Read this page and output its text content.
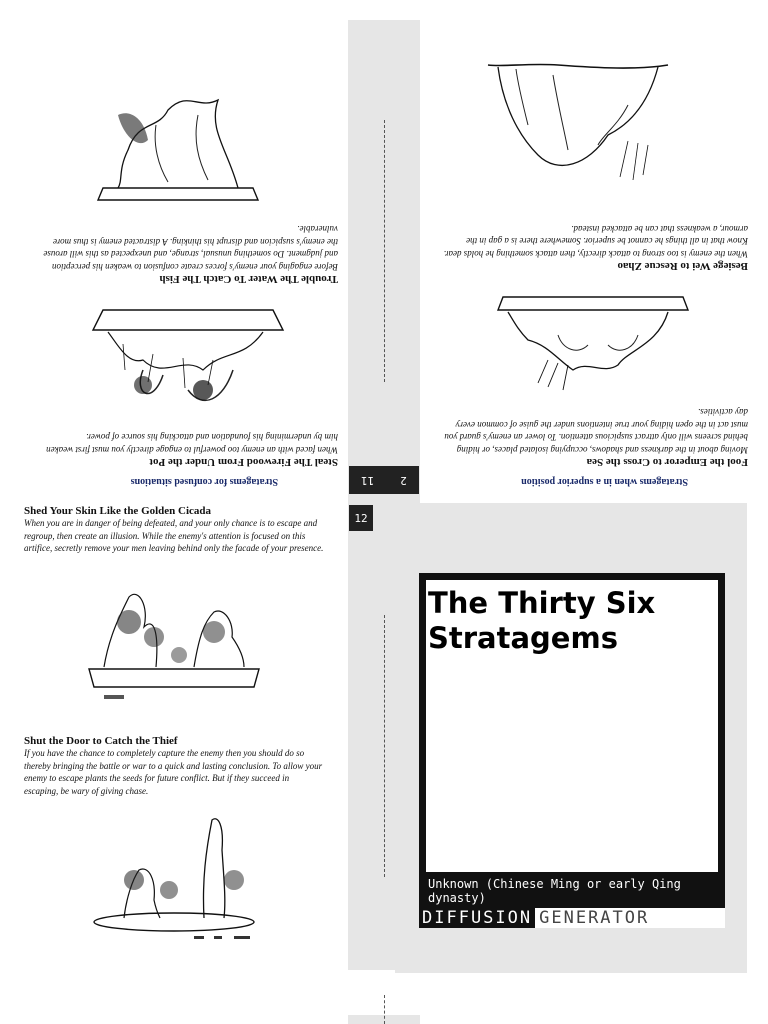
2
11
12
Stratagems for confused situations

Steal The Firewood From Under the Pot

When faced with an enemy too powerful to engage directly you must first weaken him by undermining his foundation and attacking his source of power.

Trouble The Water To Catch The Fish

Before engaging your enemy's forces create confusion to weaken his perception and judgment. Do something unusual, strange, and unexpected as this will arouse the enemy's suspicion and disrupt his thinking. A distracted enemy is thus more vulnerable.

Stratagems when in a superior position

Fool the Emperor to Cross the Sea

Moving about in the darkness and shadows, occupying isolated places, or hiding behind screens will only attract suspicious attention. To lower an enemy's guard you must act in the open hiding your true intentions under the guise of common every day activities.

Besiege Wei to Rescue Zhao

When the enemy is too strong to attack directly, then attack something he holds dear. Know that in all things he cannot be superior. Somewhere there is a gap in the armour, a weakness that can be attacked instead.

Shed Your Skin Like the Golden Cicada

When you are in danger of being defeated, and your only chance is to escape and regroup, then create an illusion. While the enemy's attention is focused on this artifice, secretly remove your men leaving behind only the facade of your presence.

Shut the Door to Catch the Thief

If you have the chance to completely capture the enemy then you should do so thereby bringing the battle or war to a quick and lasting conclusion. To allow your enemy to escape plants the seeds for future conflict. But if they succeed in escaping, be wary of giving chase.

The Thirty Six
Stratagems
Unknown (Chinese Ming or early Qing dynasty)
DIFFUSION GENERATOR
